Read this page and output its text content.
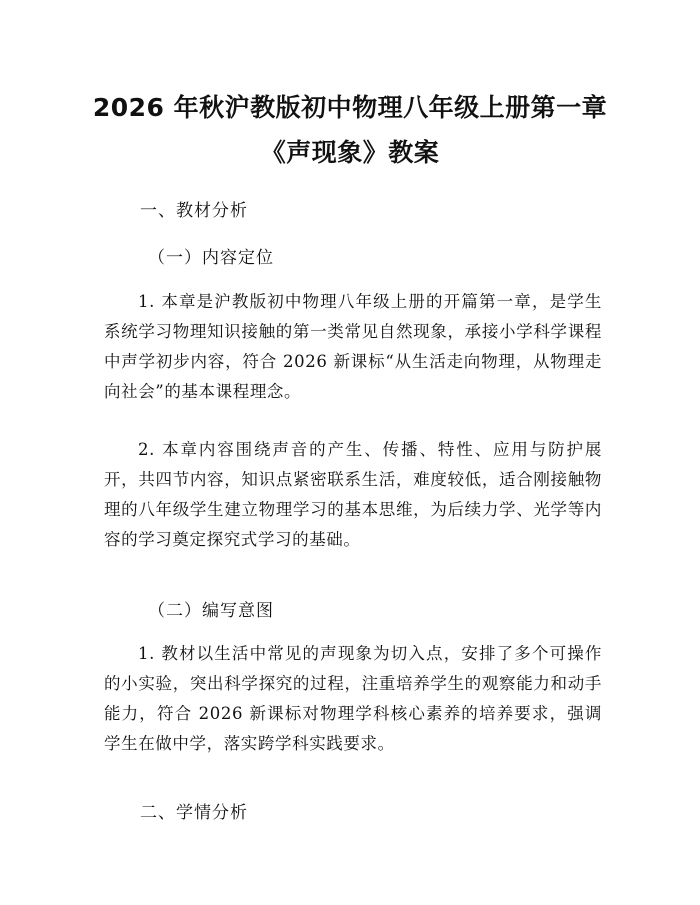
2026 年秋沪教版初中物理八年级上册第一章
《声现象》教案
一、教材分析
（一）内容定位
1. 本章是沪教版初中物理八年级上册的开篇第一章，是学生系统学习物理知识接触的第一类常见自然现象，承接小学科学课程中声学初步内容，符合 2026 新课标“从生活走向物理，从物理走向社会”的基本课程理念。
2. 本章内容围绕声音的产生、传播、特性、应用与防护展开，共四节内容，知识点紧密联系生活，难度较低，适合刚接触物理的八年级学生建立物理学习的基本思维，为后续力学、光学等内容的学习奠定探究式学习的基础。
（二）编写意图
1. 教材以生活中常见的声现象为切入点，安排了多个可操作的小实验，突出科学探究的过程，注重培养学生的观察能力和动手能力，符合 2026 新课标对物理学科核心素养的培养要求，强调学生在做中学，落实跨学科实践要求。
二、学情分析
